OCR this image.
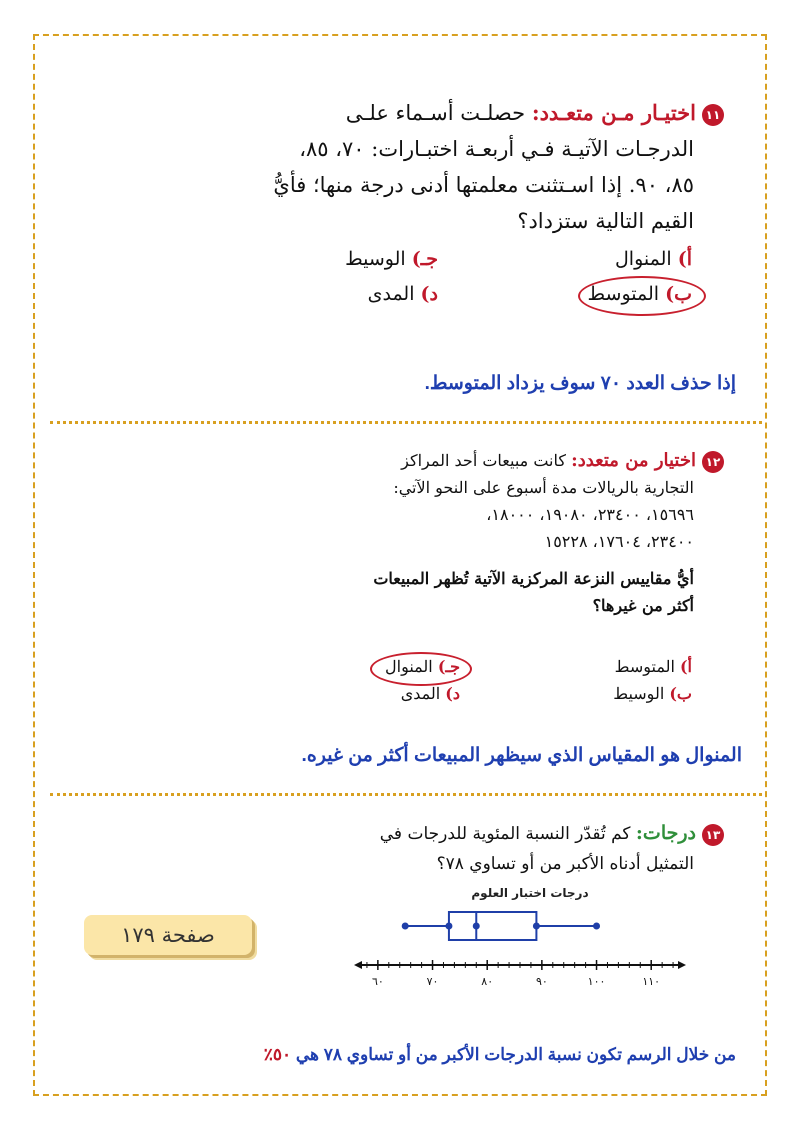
١١اختيـار مـن متعـدد: حصلـت أسـماء علـى
الدرجـات الآتيـة فـي أربعـة اختبـارات: ٧٠، ٨٥،
٨٥، ٩٠. إذا اسـتثنت معلمتها أدنى درجة منها؛ فأيُّ
القيم التالية ستزداد؟
أ) المنوال
جـ) الوسيط
ب) المتوسط
د) المدى
إذا حذف العدد ٧٠ سوف يزداد المتوسط.
١٢اختيار من متعدد: كانت مبيعات أحد المراكز
التجارية بالريالات مدة أسبوع على النحو الآتي:
١٥٦٩٦، ٢٣٤٠٠، ١٩٠٨٠، ١٨٠٠٠،
٢٣٤٠٠، ١٧٦٠٤، ١٥٢٢٨
أيُّ مقاييس النزعة المركزية الآتية تُظهر المبيعات
أكثر من غيرها؟
أ) المتوسط
جـ) المنوال
ب) الوسيط
د) المدى
المنوال هو المقياس الذي سيظهر المبيعات أكثر من غيره.
١٣درجات: كم تُقدّر النسبة المئوية للدرجات في
التمثيل أدناه الأكبر من أو تساوي ٧٨؟
صفحة ١٧٩
درجات اختبار العلوم
٦٠	٧٠	٨٠	٩٠	١٠٠	١١٠
من خلال الرسم تكون نسبة الدرجات الأكبر من أو تساوي ٧٨ هي ٥٠٪
